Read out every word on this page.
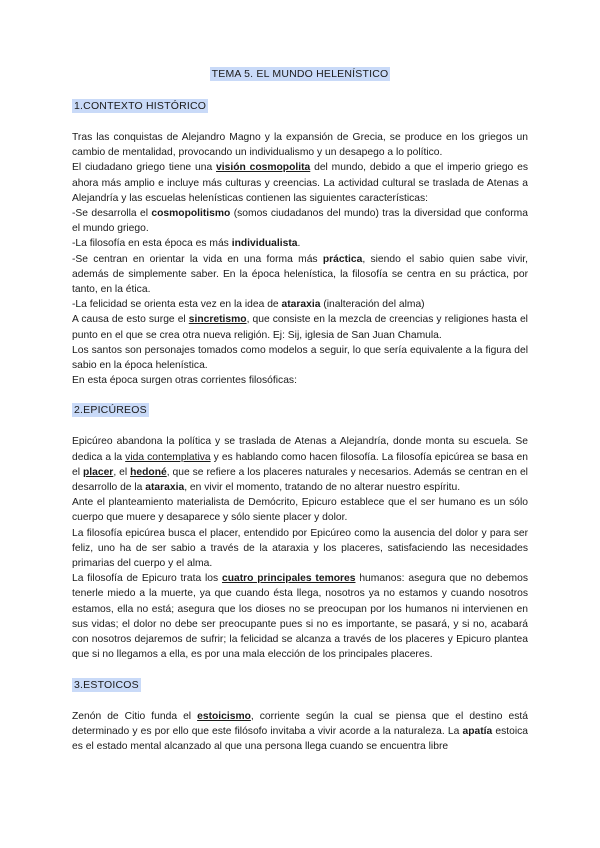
TEMA 5. EL MUNDO HELENÍSTICO
1.CONTEXTO HISTÓRICO

Tras las conquistas de Alejandro Magno y la expansión de Grecia, se produce en los griegos un cambio de mentalidad, provocando un individualismo y un desapego a lo político.

El ciudadano griego tiene una visión cosmopolita del mundo, debido a que el imperio griego es ahora más amplio e incluye más culturas y creencias. La actividad cultural se traslada de Atenas a Alejandría y las escuelas helenísticas contienen las siguientes características:

-Se desarrolla el cosmopolitismo (somos ciudadanos del mundo) tras la diversidad que conforma el mundo griego.

-La filosofía en esta época es más individualista.

-Se centran en orientar la vida en una forma más práctica, siendo el sabio quien sabe vivir, además de simplemente saber. En la época helenística, la filosofía se centra en su práctica, por tanto, en la ética.

-La felicidad se orienta esta vez en la idea de ataraxia (inalteración del alma)

A causa de esto surge el sincretismo, que consiste en la mezcla de creencias y religiones hasta el punto en el que se crea otra nueva religión. Ej: Sij, iglesia de San Juan Chamula.

Los santos son personajes tomados como modelos a seguir, lo que sería equivalente a la figura del sabio en la época helenística.

En esta época surgen otras corrientes filosóficas:

2.EPICÚREOS

Epicúreo abandona la política y se traslada de Atenas a Alejandría, donde monta su escuela. Se dedica a la vida contemplativa y es hablando como hacen filosofía. La filosofía epicúrea se basa en el placer, el hedoné, que se refiere a los placeres naturales y necesarios. Además se centran en el desarrollo de la ataraxia, en vivir el momento, tratando de no alterar nuestro espíritu.

Ante el planteamiento materialista de Demócrito, Epicuro establece que el ser humano es un sólo cuerpo que muere y desaparece y sólo siente placer y dolor.

La filosofía epicúrea busca el placer, entendido por Epicúreo como la ausencia del dolor y para ser feliz, uno ha de ser sabio a través de la ataraxia y los placeres, satisfaciendo las necesidades primarias del cuerpo y el alma.

La filosofía de Epicuro trata los cuatro principales temores humanos: asegura que no debemos tenerle miedo a la muerte, ya que cuando ésta llega, nosotros ya no estamos y cuando nosotros estamos, ella no está; asegura que los dioses no se preocupan por los humanos ni intervienen en sus vidas; el dolor no debe ser preocupante pues si no es importante, se pasará, y si no, acabará con nosotros dejaremos de sufrir; la felicidad se alcanza a través de los placeres y Epicuro plantea que si no llegamos a ella, es por una mala elección de los principales placeres.

3.ESTOICOS

Zenón de Citio funda el estoicismo, corriente según la cual se piensa que el destino está determinado y es por ello que este filósofo invitaba a vivir acorde a la naturaleza. La apatía estoica es el estado mental alcanzado al que una persona llega cuando se encuentra libre
